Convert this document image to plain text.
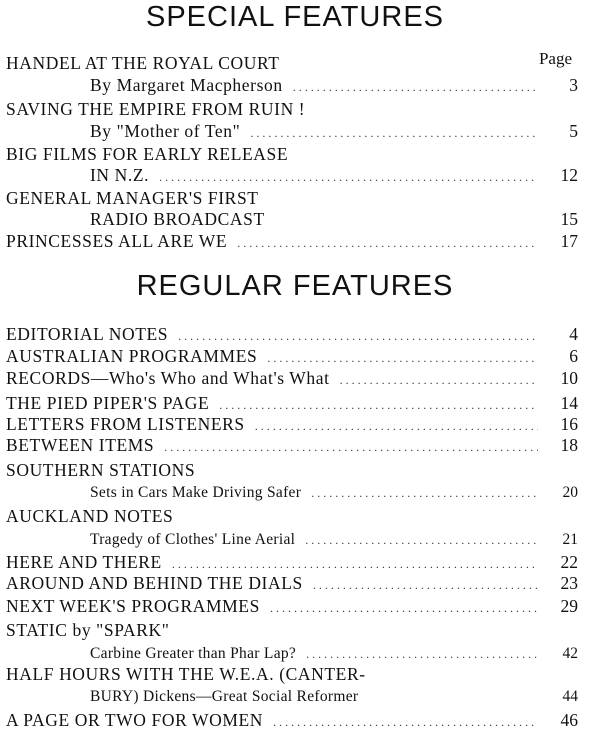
SPECIAL FEATURES
Page
HANDEL AT THE ROYAL COURT
By Margaret Macpherson .....	3
SAVING THE EMPIRE FROM RUIN !
By "Mother of Ten" .....	5
BIG FILMS FOR EARLY RELEASE
IN N.Z. .....	12
GENERAL MANAGER'S FIRST
RADIO BROADCAST	15
PRINCESSES ALL ARE WE .....	17
REGULAR FEATURES
EDITORIAL NOTES .....	4
AUSTRALIAN PROGRAMMES .....	6
RECORDS—Who's Who and What's What .....	10
THE PIED PIPER'S PAGE .....	14
LETTERS FROM LISTENERS .....	16
BETWEEN ITEMS .....	18
SOUTHERN STATIONS
Sets in Cars Make Driving Safer .....	20
AUCKLAND NOTES
Tragedy of Clothes' Line Aerial .....	21
HERE AND THERE .....	22
AROUND AND BEHIND THE DIALS .....	23
NEXT WEEK'S PROGRAMMES .....	29
STATIC by "SPARK"
Carbine Greater than Phar Lap? .....	42
HALF HOURS WITH THE W.E.A. (CANTER-
BURY) Dickens—Great Social Reformer	44
A PAGE OR TWO FOR WOMEN .....	46
